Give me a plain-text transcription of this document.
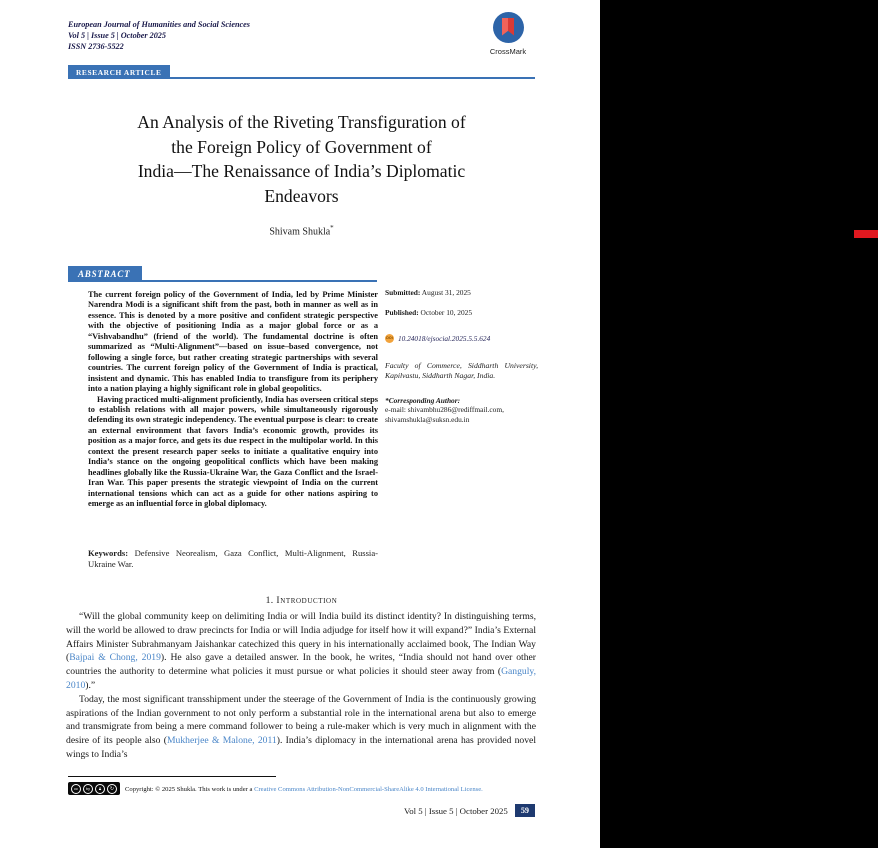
European Journal of Humanities and Social Sciences
Vol 5 | Issue 5 | October 2025
ISSN 2736-5522
CrossMark
RESEARCH ARTICLE
An Analysis of the Riveting Transfiguration of
the Foreign Policy of Government of
India—The Renaissance of India’s Diplomatic
Endeavors
Shivam Shukla*
ABSTRACT

The current foreign policy of the Government of India, led by Prime Minister Narendra Modi is a significant shift from the past, both in manner as well as in essence. This is denoted by a more positive and confident strategic perspective with the objective of positioning India as a major global force or as a “Vishvabandhu” (friend of the world). The fundamental doctrine is often summarized as “Multi-Alignment”—based on issue–based convergence, not following a single force, but rather creating strategic partnerships with several countries. The current foreign policy of the Government of India is practical, insistent and dynamic. This has enabled India to transfigure from its periphery into a nation playing a highly significant role in global geopolitics.

Having practiced multi-alignment proficiently, India has overseen critical steps to establish relations with all major powers, while simultaneously rigorously defending its own strategic independency. The eventual purpose is clear: to create an external environment that favors India’s economic growth, provides its position as a major force, and gets its due respect in the multipolar world. In this context the present research paper seeks to initiate a qualitative enquiry into India’s stance on the ongoing geopolitical conflicts which have been making headlines globally like the Russia-Ukraine War, the Gaza Conflict and the Israel-Iran War. This paper presents the strategic viewpoint of India on the current international tensions which can act as a guide for other nations aspiring to emerge as an influential force in global diplomacy.

Keywords: Defensive Neorealism, Gaza Conflict, Multi-Alignment, Russia-Ukraine War.
Submitted: August 31, 2025
Published: October 10, 2025
DOI 10.24018/ejsocial.2025.5.5.624
Faculty of Commerce, Siddharth University, Kapilvastu, Siddharth Nagar, India.
*Corresponding Author:
e-mail: shivambhu286@rediffmail.com,
shivamshukla@suksn.edu.in
1. Introduction

“Will the global community keep on delimiting India or will India build its distinct identity? In distinguishing terms, will the world be allowed to draw precincts for India or will India adjudge for itself how it will expand?” India’s External Affairs Minister Subrahmanyam Jaishankar catechized this query in his internationally acclaimed book, The Indian Way (Bajpai & Chong, 2019). He also gave a detailed answer. In the book, he writes, “India should not hand over other countries the authority to determine what policies it must pursue or what policies it should steer away from (Ganguly, 2010).”

Today, the most significant transshipment under the steerage of the Government of India is the continuously growing aspirations of the Indian government to not only perform a substantial role in the international arena but also to emerge and transmigrate from being a mere command follower to being a rule-maker which is very much in alignment with the desire of its people also (Mukherjee & Malone, 2011). India’s diplomacy in the international arena has provided novel wings to India’s

cc
by
$
↻
Copyright: © 2025 Shukla. This work is under a Creative Commons Attribution-NonCommercial-ShareAlike 4.0 International License.
Vol 5 | Issue 5 | October 2025	59
